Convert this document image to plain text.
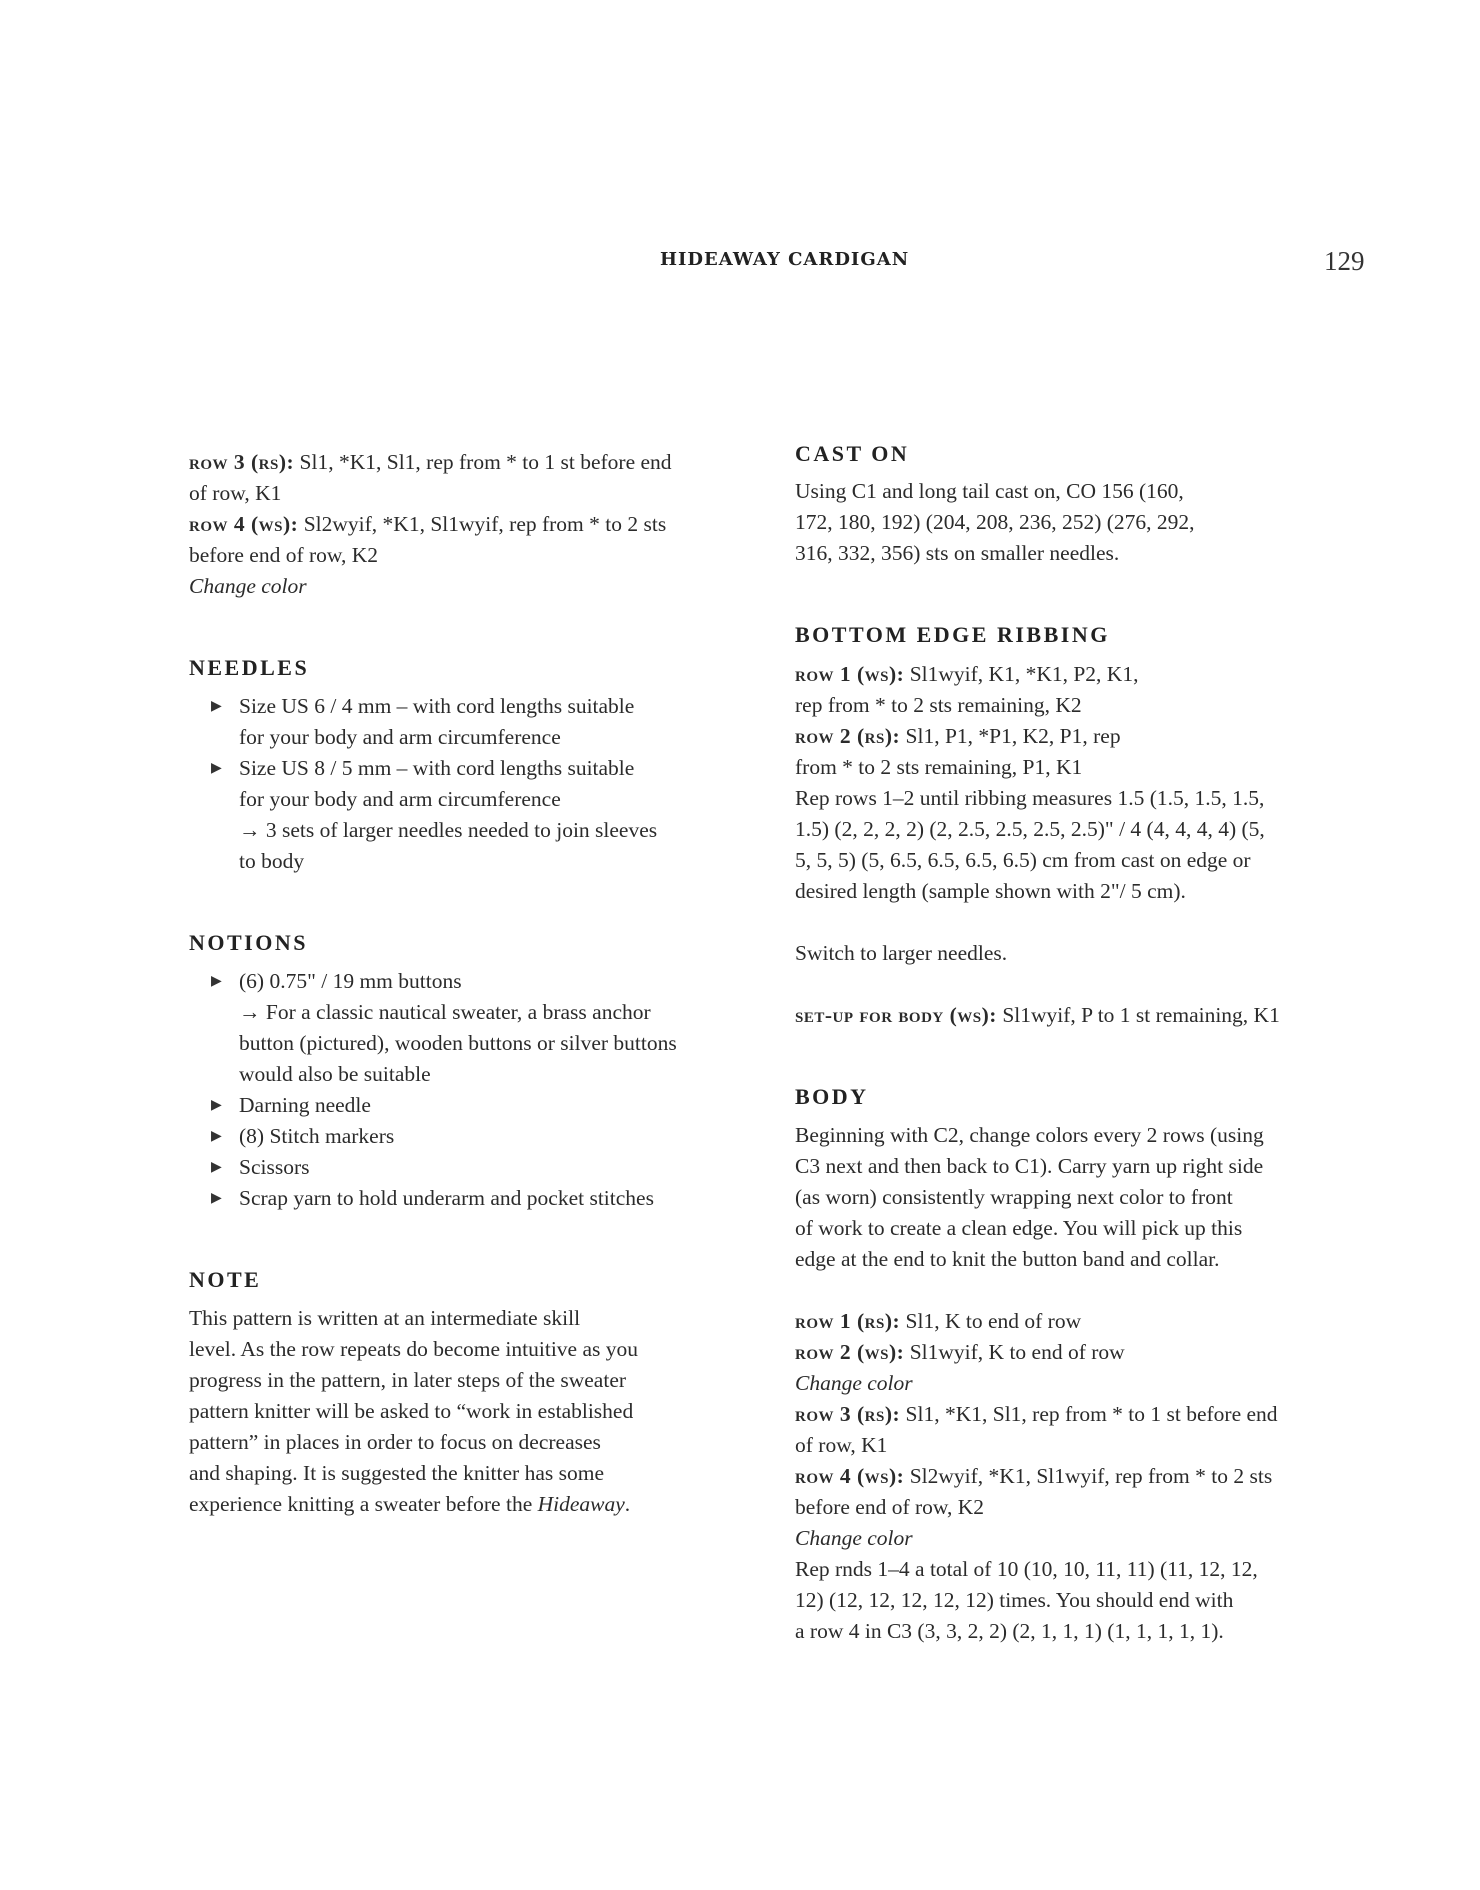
HIDEAWAY CARDIGAN	129
row 3 (rs): Sl1, *K1, Sl1, rep from * to 1 st before end
of row, K1
row 4 (ws): Sl2wyif, *K1, Sl1wyif, rep from * to 2 sts
before end of row, K2
Change color
NEEDLES
▶ Size US 6 / 4 mm – with cord lengths suitable
for your body and arm circumference
▶ Size US 8 / 5 mm – with cord lengths suitable
for your body and arm circumference
→ 3 sets of larger needles needed to join sleeves
to body
NOTIONS
▶ (6) 0.75" / 19 mm buttons
→ For a classic nautical sweater, a brass anchor
button (pictured), wooden buttons or silver buttons
would also be suitable
▶ Darning needle
▶ (8) Stitch markers
▶ Scissors
▶ Scrap yarn to hold underarm and pocket stitches
NOTE
This pattern is written at an intermediate skill
level. As the row repeats do become intuitive as you
progress in the pattern, in later steps of the sweater
pattern knitter will be asked to “work in established
pattern” in places in order to focus on decreases
and shaping. It is suggested the knitter has some
experience knitting a sweater before the Hideaway.
CAST ON
Using C1 and long tail cast on, CO 156 (160,
172, 180, 192) (204, 208, 236, 252) (276, 292,
316, 332, 356) sts on smaller needles.
BOTTOM EDGE RIBBING
row 1 (ws): Sl1wyif, K1, *K1, P2, K1,
rep from * to 2 sts remaining, K2
row 2 (rs): Sl1, P1, *P1, K2, P1, rep
from * to 2 sts remaining, P1, K1
Rep rows 1–2 until ribbing measures 1.5 (1.5, 1.5, 1.5,
1.5) (2, 2, 2, 2) (2, 2.5, 2.5, 2.5, 2.5)" / 4 (4, 4, 4, 4) (5,
5, 5, 5) (5, 6.5, 6.5, 6.5, 6.5) cm from cast on edge or
desired length (sample shown with 2"/ 5 cm).
Switch to larger needles.
set-up for body (ws): Sl1wyif, P to 1 st remaining, K1
BODY
Beginning with C2, change colors every 2 rows (using
C3 next and then back to C1). Carry yarn up right side
(as worn) consistently wrapping next color to front
of work to create a clean edge. You will pick up this
edge at the end to knit the button band and collar.
row 1 (rs): Sl1, K to end of row
row 2 (ws): Sl1wyif, K to end of row
Change color
row 3 (rs): Sl1, *K1, Sl1, rep from * to 1 st before end
of row, K1
row 4 (ws): Sl2wyif, *K1, Sl1wyif, rep from * to 2 sts
before end of row, K2
Change color
Rep rnds 1–4 a total of 10 (10, 10, 11, 11) (11, 12, 12,
12) (12, 12, 12, 12, 12) times. You should end with
a row 4 in C3 (3, 3, 2, 2) (2, 1, 1, 1) (1, 1, 1, 1, 1).
